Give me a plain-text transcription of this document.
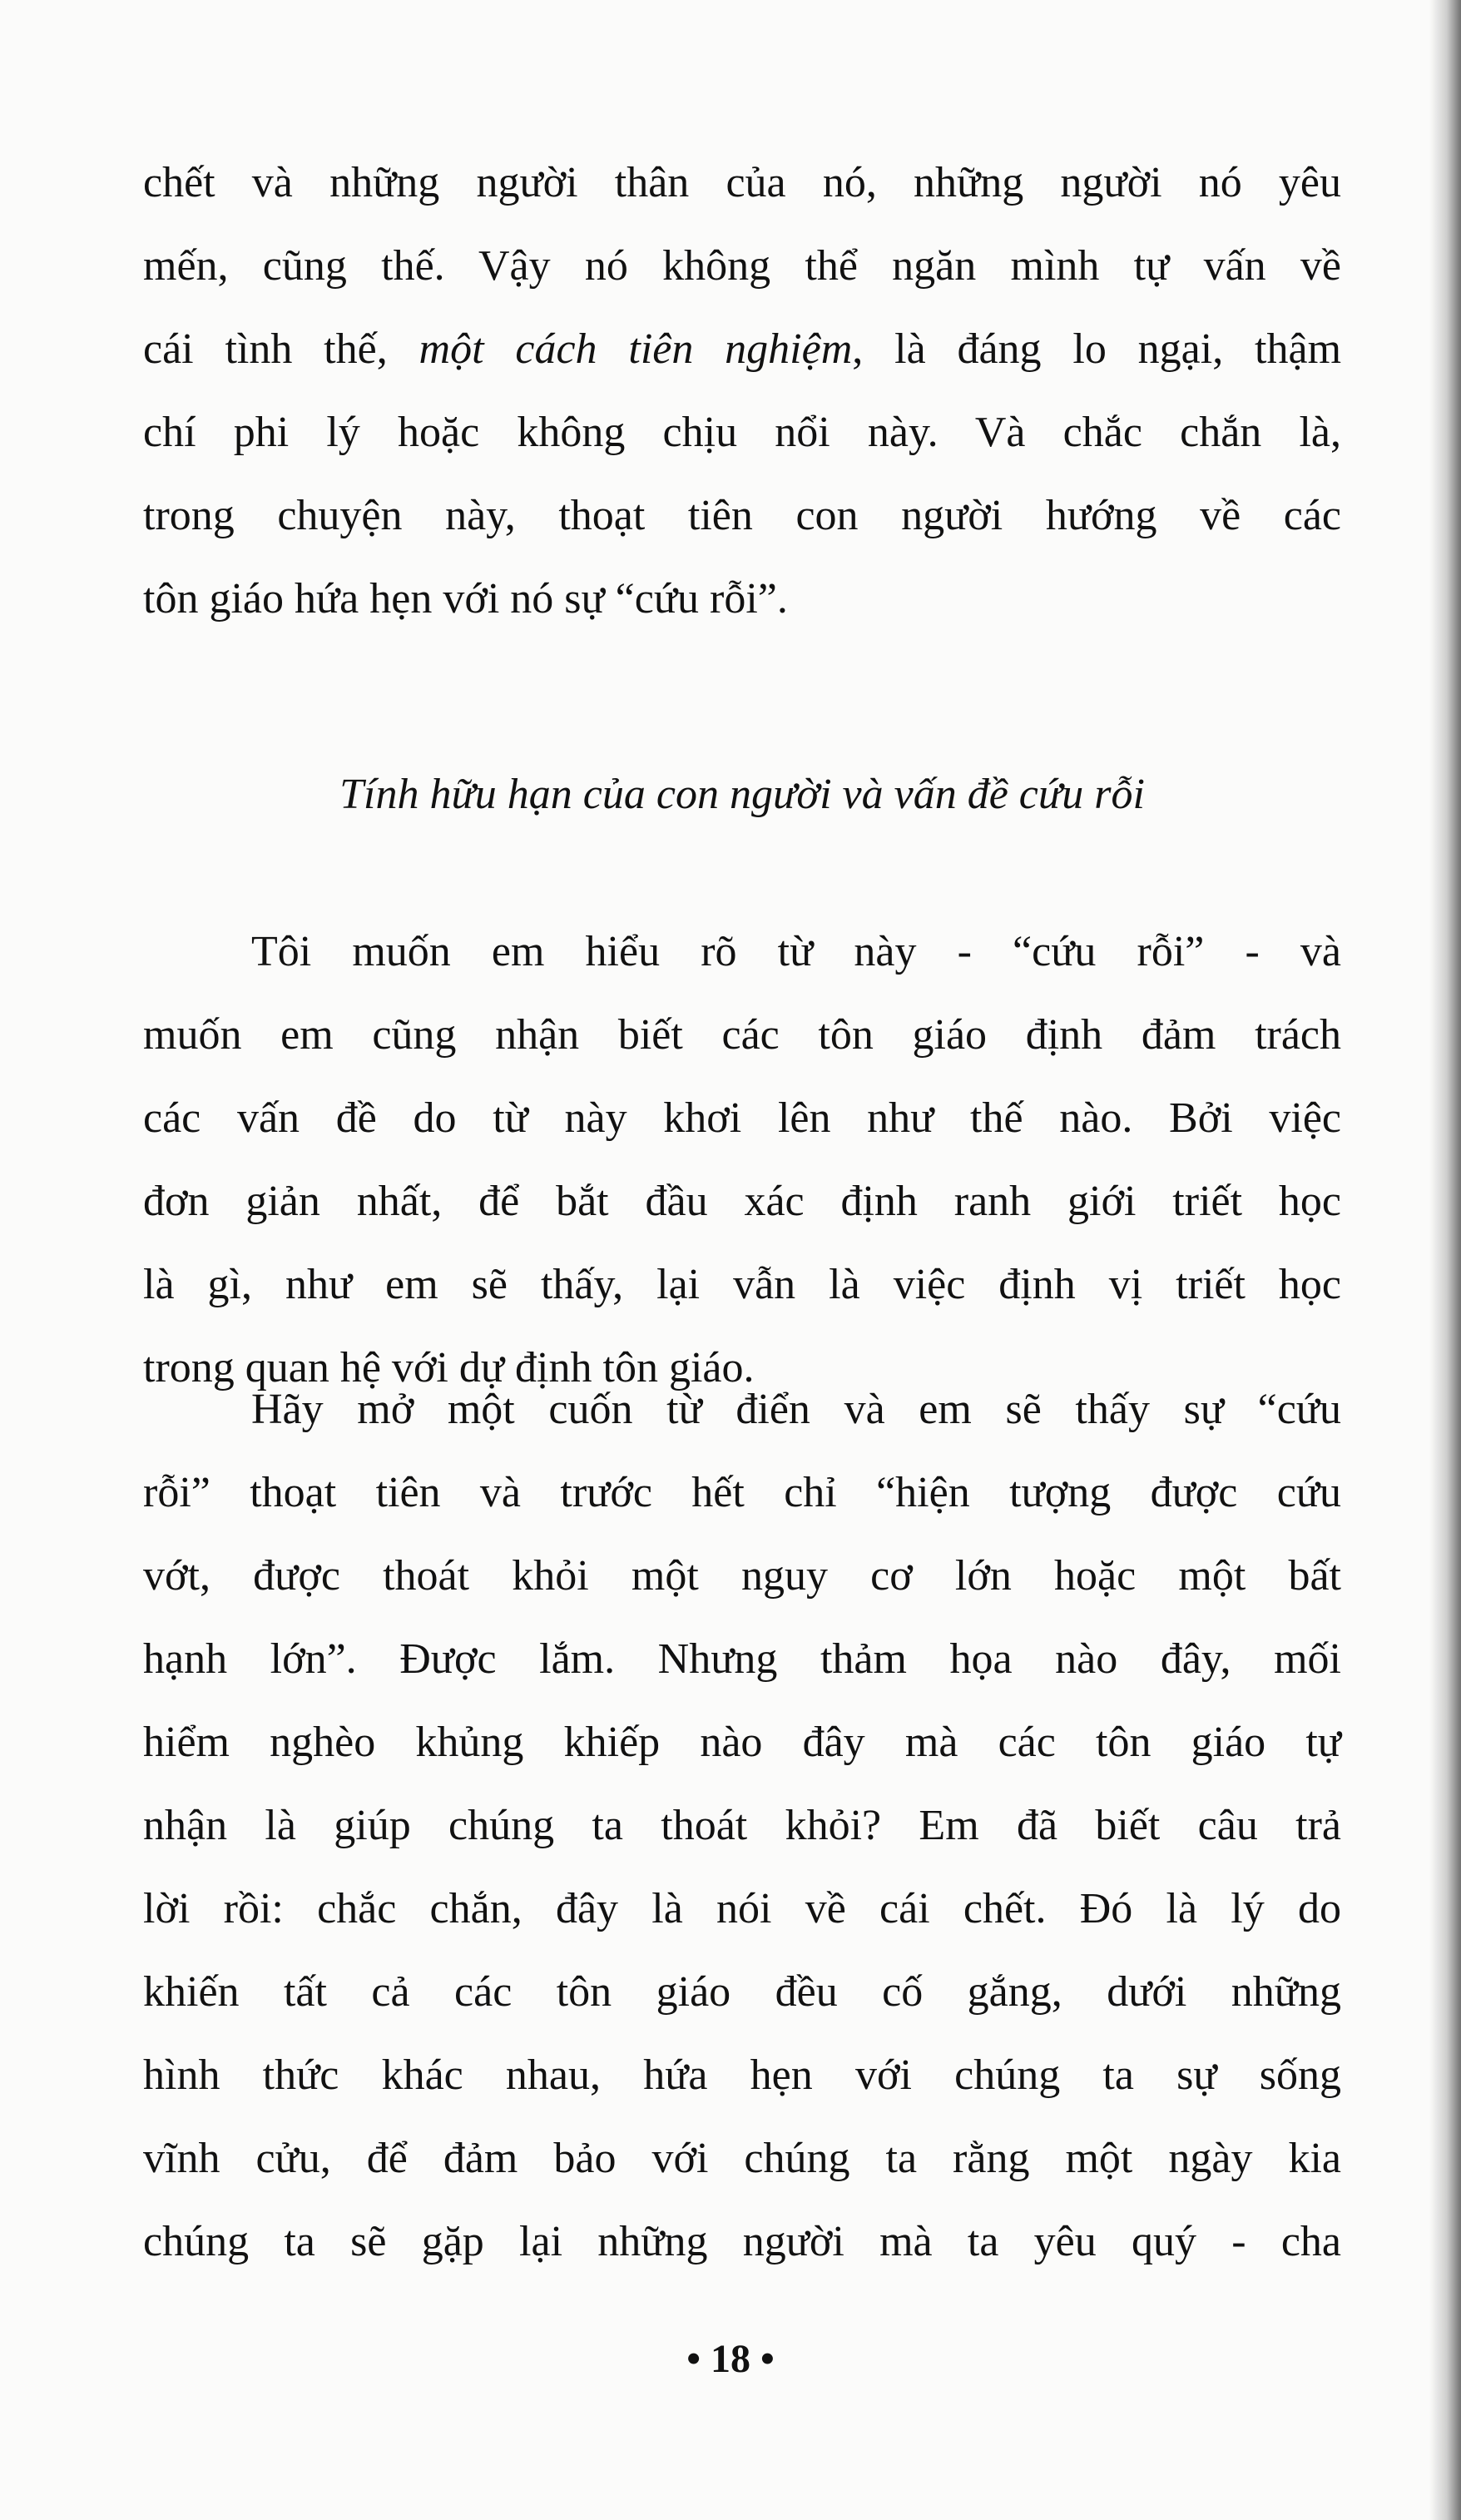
chết và những người thân của nó, những người nó yêu
mến, cũng thế. Vậy nó không thể ngăn mình tự vấn về
cái tình thế, một cách tiên nghiệm, là đáng lo ngại, thậm
chí phi lý hoặc không chịu nổi này. Và chắc chắn là,
trong chuyện này, thoạt tiên con người hướng về các
tôn giáo hứa hẹn với nó sự “cứu rỗi”.
Tính hữu hạn của con người và vấn đề cứu rỗi
Tôi muốn em hiểu rõ từ này - “cứu rỗi” - và
muốn em cũng nhận biết các tôn giáo định đảm trách
các vấn đề do từ này khơi lên như thế nào. Bởi việc
đơn giản nhất, để bắt đầu xác định ranh giới triết học
là gì, như em sẽ thấy, lại vẫn là việc định vị triết học
trong quan hệ với dự định tôn giáo.
Hãy mở một cuốn từ điển và em sẽ thấy sự “cứu
rỗi” thoạt tiên và trước hết chỉ “hiện tượng được cứu
vớt, được thoát khỏi một nguy cơ lớn hoặc một bất
hạnh lớn”. Được lắm. Nhưng thảm họa nào đây, mối
hiểm nghèo khủng khiếp nào đây mà các tôn giáo tự
nhận là giúp chúng ta thoát khỏi? Em đã biết câu trả
lời rồi: chắc chắn, đây là nói về cái chết. Đó là lý do
khiến tất cả các tôn giáo đều cố gắng, dưới những
hình thức khác nhau, hứa hẹn với chúng ta sự sống
vĩnh cửu, để đảm bảo với chúng ta rằng một ngày kia
chúng ta sẽ gặp lại những người mà ta yêu quý - cha
• 18 •
